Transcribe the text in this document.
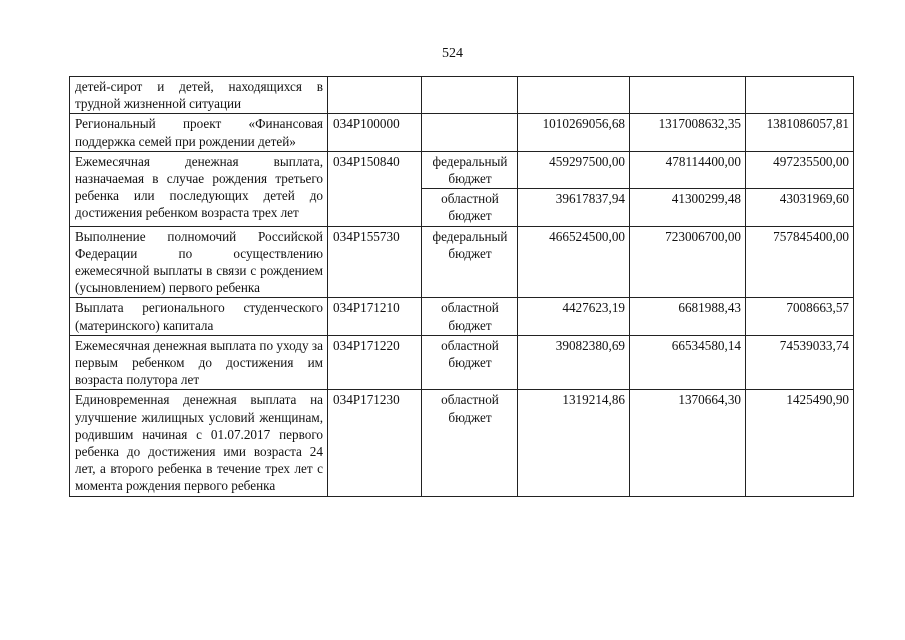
524
детей-сирот и детей, находящихся в трудной жизненной ситуации					
Региональный проект «Финансовая поддержка семей при рождении детей»	034P100000		1010269056,68	1317008632,35	1381086057,81
Ежемесячная денежная выплата, назначаемая в случае рождения третьего ребенка или последующих детей до достижения ребенком возраста трех лет	034P150840	федеральный бюджет	459297500,00	478114400,00	497235500,00
		областной бюджет	39617837,94	41300299,48	43031969,60
Выполнение полномочий Российской Федерации по осуществлению ежемесячной выплаты в связи с рождением (усыновлением) первого ребенка	034P155730	федеральный бюджет	466524500,00	723006700,00	757845400,00
Выплата регионального студенческого (материнского) капитала	034P171210	областной бюджет	4427623,19	6681988,43	7008663,57
Ежемесячная денежная выплата по уходу за первым ребенком до достижения им возраста полутора лет	034P171220	областной бюджет	39082380,69	66534580,14	74539033,74
Единовременная денежная выплата на улучшение жилищных условий женщинам, родившим начиная с 01.07.2017 первого ребенка до достижения ими возраста 24 лет, а второго ребенка в течение трех лет с момента рождения первого ребенка	034P171230	областной бюджет	1319214,86	1370664,30	1425490,90
